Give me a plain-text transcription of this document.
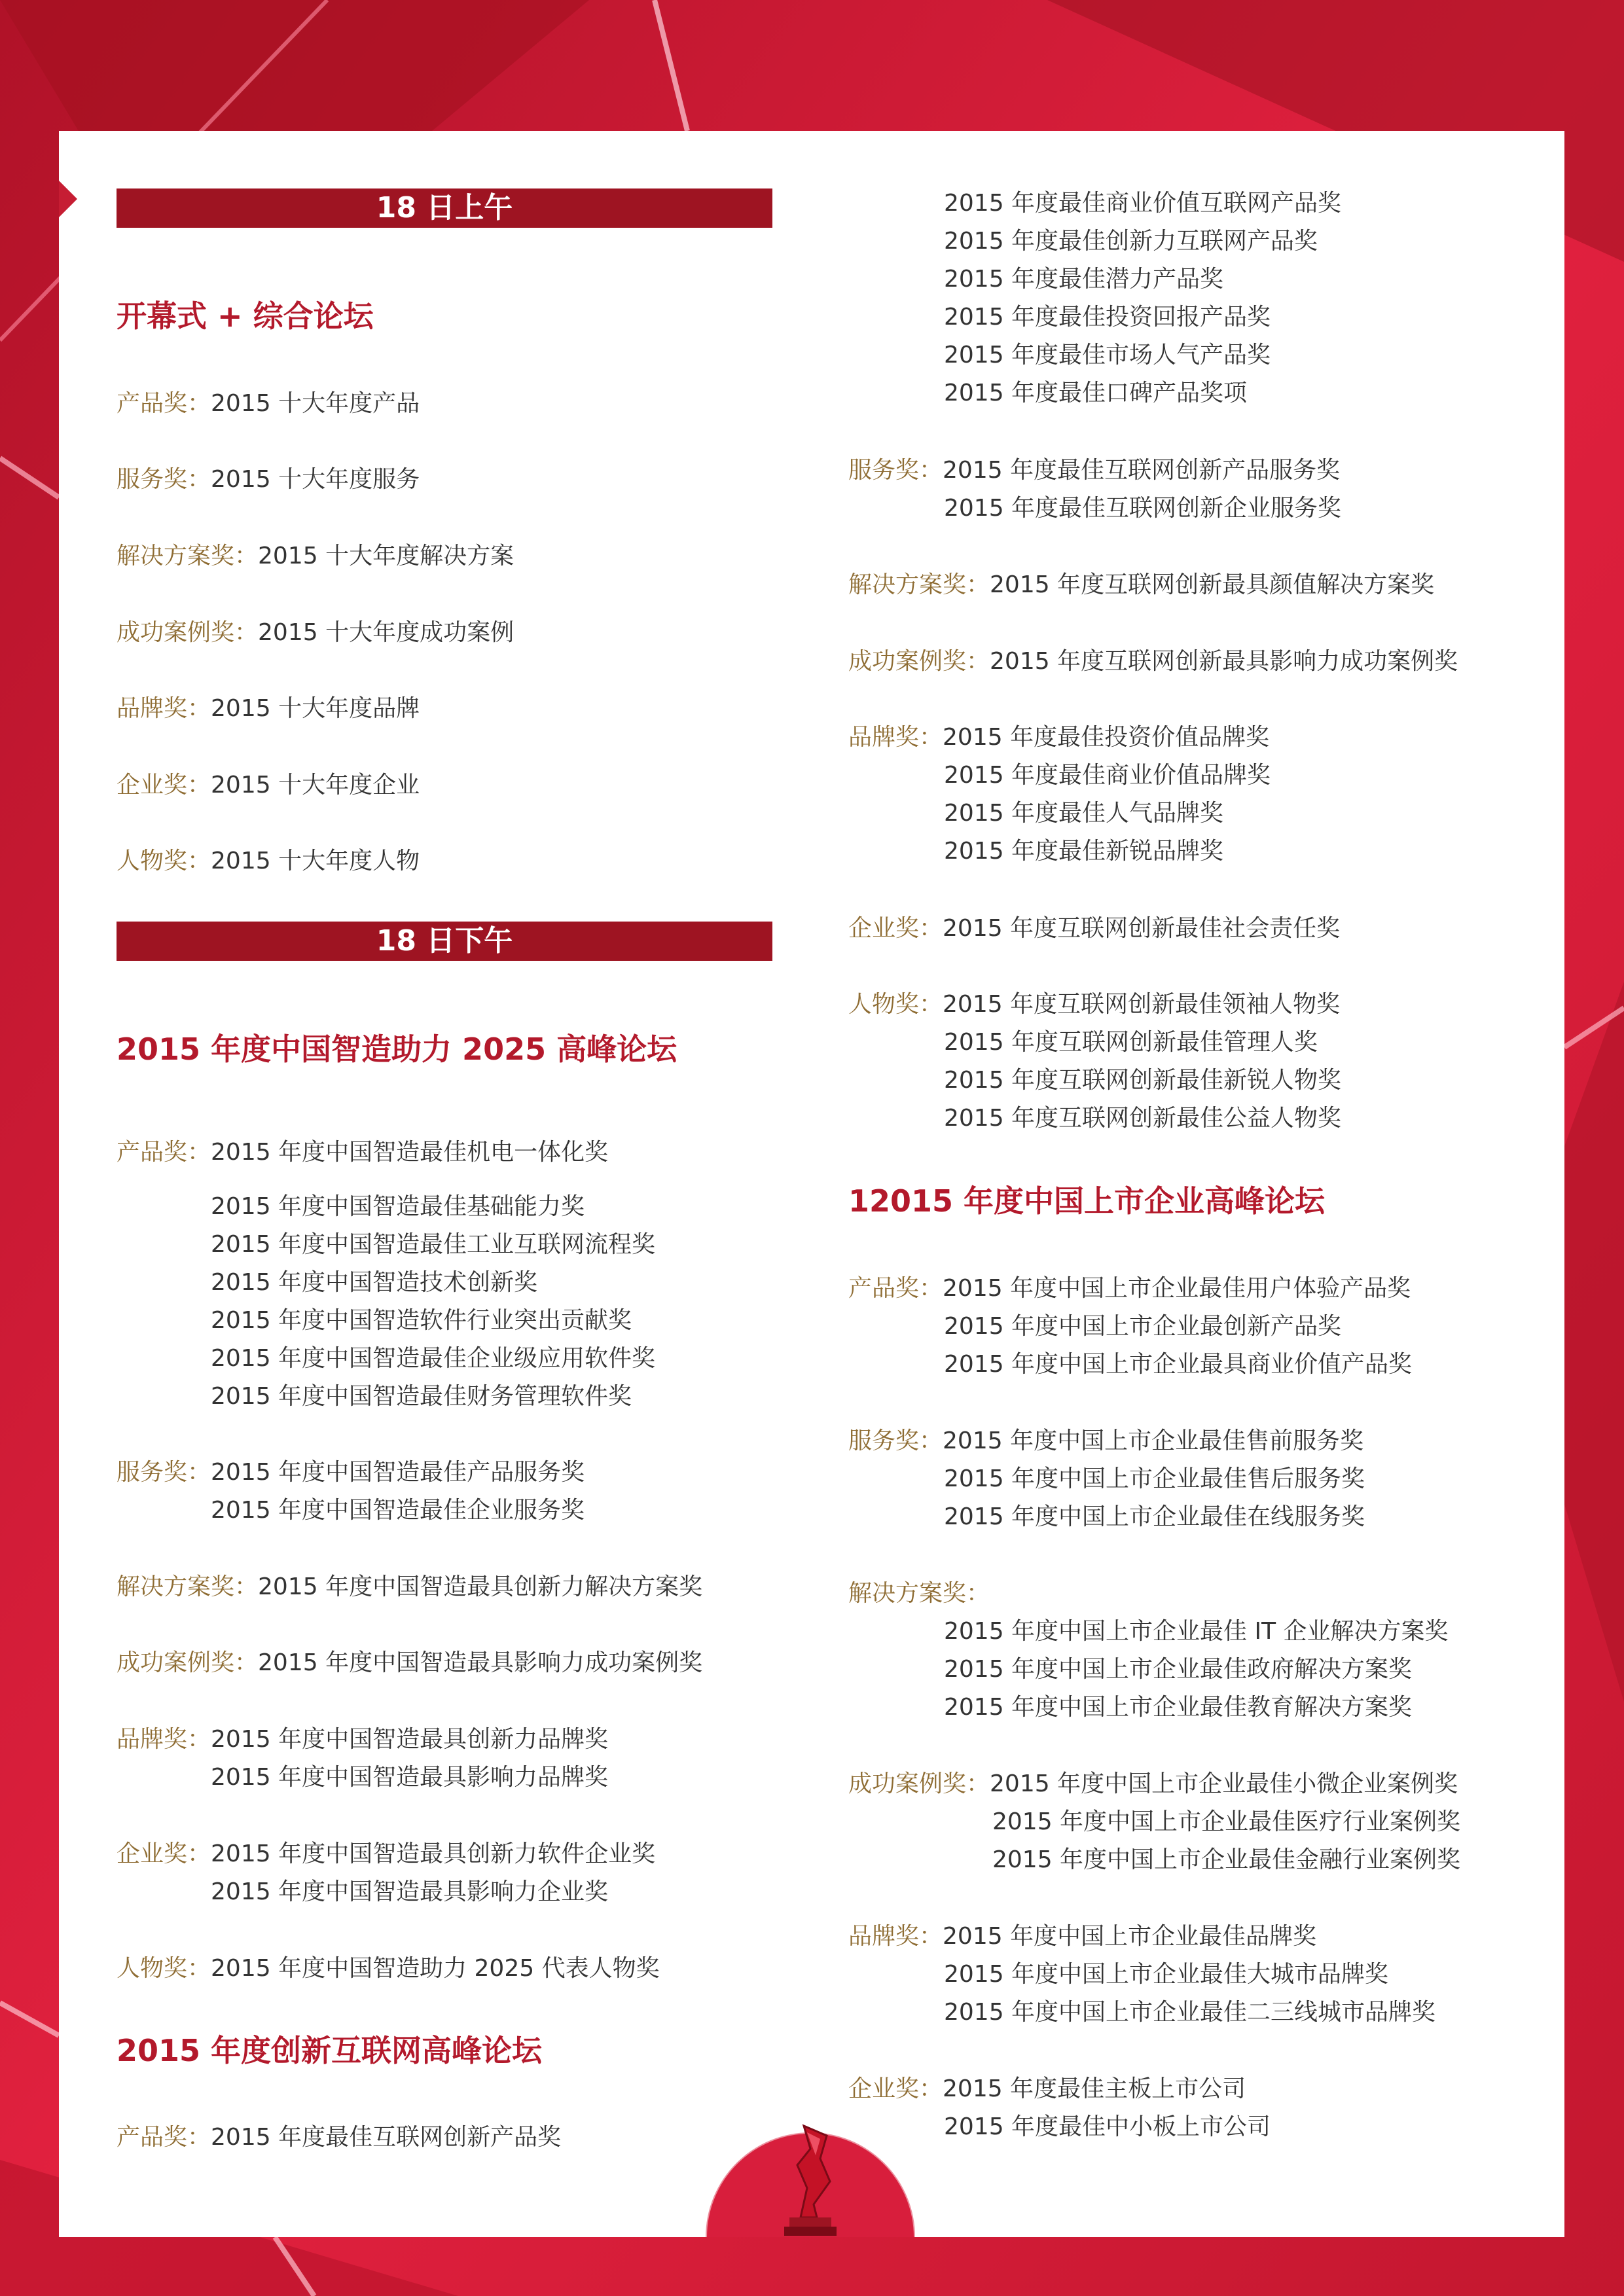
18 日上午
开幕式 + 综合论坛
产品奖：2015 十大年度产品
服务奖：2015 十大年度服务
解决方案奖：2015 十大年度解决方案
成功案例奖：2015 十大年度成功案例
品牌奖：2015 十大年度品牌
企业奖：2015 十大年度企业
人物奖：2015 十大年度人物
18 日下午
2015 年度中国智造助力 2025 高峰论坛
产品奖：2015 年度中国智造最佳机电一体化奖
2015 年度中国智造最佳基础能力奖
2015 年度中国智造最佳工业互联网流程奖
2015 年度中国智造技术创新奖
2015 年度中国智造软件行业突出贡献奖
2015 年度中国智造最佳企业级应用软件奖
2015 年度中国智造最佳财务管理软件奖
服务奖：2015 年度中国智造最佳产品服务奖
2015 年度中国智造最佳企业服务奖
解决方案奖：2015 年度中国智造最具创新力解决方案奖
成功案例奖：2015 年度中国智造最具影响力成功案例奖
品牌奖：2015 年度中国智造最具创新力品牌奖
2015 年度中国智造最具影响力品牌奖
企业奖：2015 年度中国智造最具创新力软件企业奖
2015 年度中国智造最具影响力企业奖
人物奖：2015 年度中国智造助力 2025 代表人物奖
2015 年度创新互联网高峰论坛
产品奖：2015 年度最佳互联网创新产品奖
2015 年度最佳商业价值互联网产品奖
2015 年度最佳创新力互联网产品奖
2015 年度最佳潜力产品奖
2015 年度最佳投资回报产品奖
2015 年度最佳市场人气产品奖
2015 年度最佳口碑产品奖项
服务奖：2015 年度最佳互联网创新产品服务奖
2015 年度最佳互联网创新企业服务奖
解决方案奖：2015 年度互联网创新最具颜值解决方案奖
成功案例奖：2015 年度互联网创新最具影响力成功案例奖
品牌奖：2015 年度最佳投资价值品牌奖
2015 年度最佳商业价值品牌奖
2015 年度最佳人气品牌奖
2015 年度最佳新锐品牌奖
企业奖：2015 年度互联网创新最佳社会责任奖
人物奖：2015 年度互联网创新最佳领袖人物奖
2015 年度互联网创新最佳管理人奖
2015 年度互联网创新最佳新锐人物奖
2015 年度互联网创新最佳公益人物奖
12015 年度中国上市企业高峰论坛
产品奖：2015 年度中国上市企业最佳用户体验产品奖
2015 年度中国上市企业最创新产品奖
2015 年度中国上市企业最具商业价值产品奖
服务奖：2015 年度中国上市企业最佳售前服务奖
2015 年度中国上市企业最佳售后服务奖
2015 年度中国上市企业最佳在线服务奖
解决方案奖：
2015 年度中国上市企业最佳 IT 企业解决方案奖
2015 年度中国上市企业最佳政府解决方案奖
2015 年度中国上市企业最佳教育解决方案奖
成功案例奖：2015 年度中国上市企业最佳小微企业案例奖
2015 年度中国上市企业最佳医疗行业案例奖
2015 年度中国上市企业最佳金融行业案例奖
品牌奖：2015 年度中国上市企业最佳品牌奖
2015 年度中国上市企业最佳大城市品牌奖
2015 年度中国上市企业最佳二三线城市品牌奖
企业奖：2015 年度最佳主板上市公司
2015 年度最佳中小板上市公司
